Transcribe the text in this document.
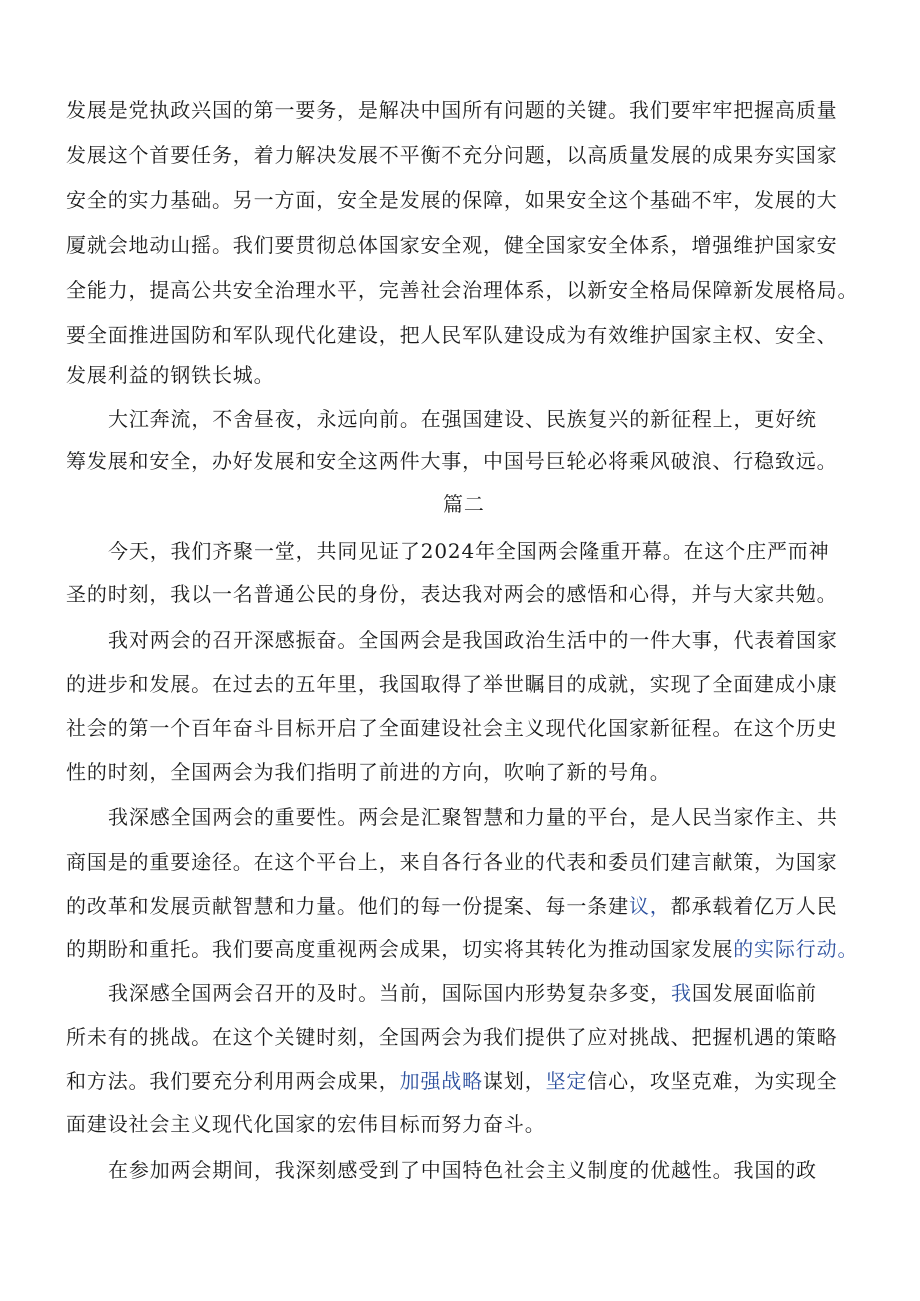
发展是党执政兴国的第一要务，是解决中国所有问题的关键。我们要牢牢把握高质量
发展这个首要任务，着力解决发展不平衡不充分问题，以高质量发展的成果夯实国家
安全的实力基础。另一方面，安全是发展的保障，如果安全这个基础不牢，发展的大
厦就会地动山摇。我们要贯彻总体国家安全观，健全国家安全体系，增强维护国家安
全能力，提高公共安全治理水平，完善社会治理体系，以新安全格局保障新发展格局。
要全面推进国防和军队现代化建设，把人民军队建设成为有效维护国家主权、安全、
发展利益的钢铁长城。
大江奔流，不舍昼夜，永远向前。在强国建设、民族复兴的新征程上，更好统
筹发展和安全，办好发展和安全这两件大事，中国号巨轮必将乘风破浪、行稳致远。
篇二
今天，我们齐聚一堂，共同见证了2024年全国两会隆重开幕。在这个庄严而神
圣的时刻，我以一名普通公民的身份，表达我对两会的感悟和心得，并与大家共勉。
我对两会的召开深感振奋。全国两会是我国政治生活中的一件大事，代表着国家
的进步和发展。在过去的五年里，我国取得了举世瞩目的成就，实现了全面建成小康
社会的第一个百年奋斗目标开启了全面建设社会主义现代化国家新征程。在这个历史
性的时刻，全国两会为我们指明了前进的方向，吹响了新的号角。
我深感全国两会的重要性。两会是汇聚智慧和力量的平台，是人民当家作主、共
商国是的重要途径。在这个平台上，来自各行各业的代表和委员们建言献策，为国家
的改革和发展贡献智慧和力量。他们的每一份提案、每一条建议，都承载着亿万人民
的期盼和重托。我们要高度重视两会成果，切实将其转化为推动国家发展的实际行动。
我深感全国两会召开的及时。当前，国际国内形势复杂多变，我国发展面临前
所未有的挑战。在这个关键时刻，全国两会为我们提供了应对挑战、把握机遇的策略
和方法。我们要充分利用两会成果，加强战略谋划，坚定信心，攻坚克难，为实现全
面建设社会主义现代化国家的宏伟目标而努力奋斗。
在参加两会期间，我深刻感受到了中国特色社会主义制度的优越性。我国的政
